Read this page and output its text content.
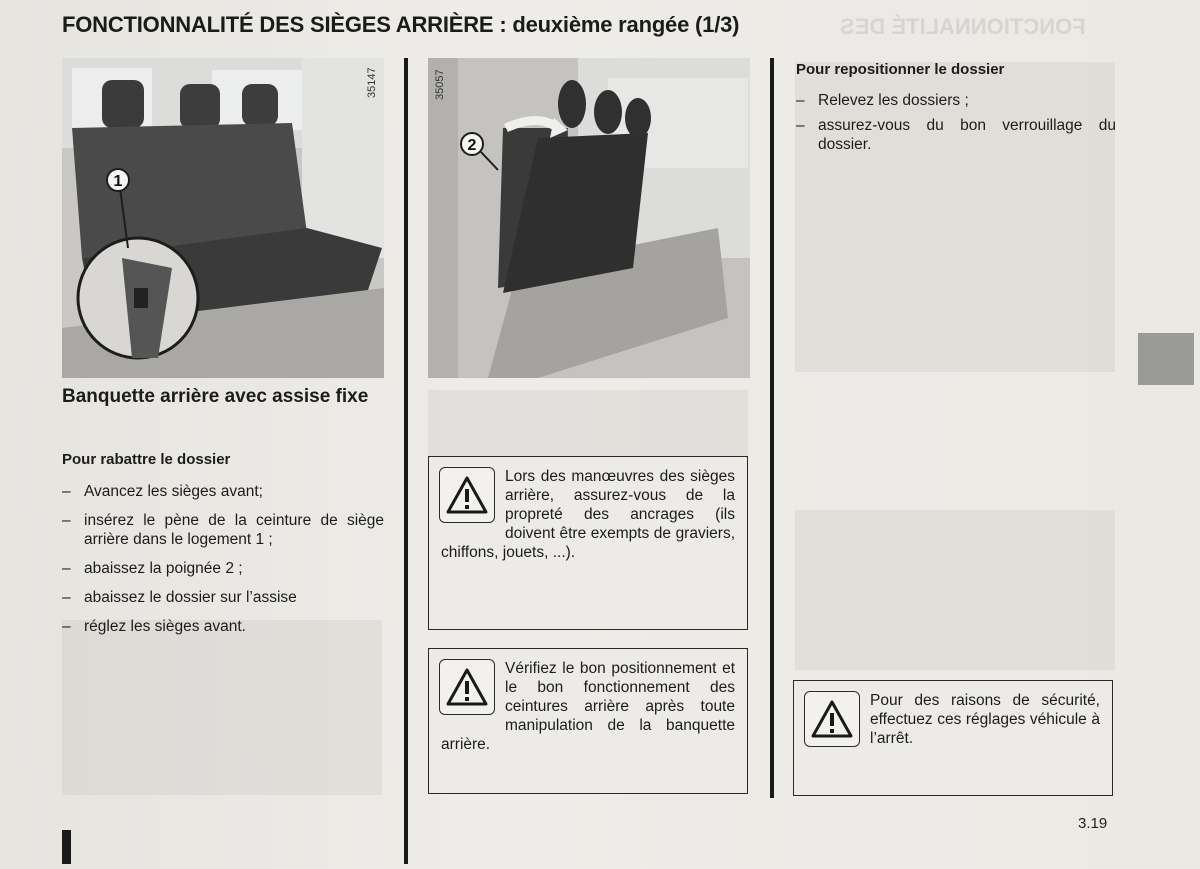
FONCTIONNALITÉ DES
FONCTIONNALITÉ DES SIÈGES ARRIÈRE : deuxième rangée (1/3)
1
35147
2
35057
Banquette arrière avec assise fixe
Pour rabattre le dossier
– Avancez les sièges avant;
– insérez le pène de la ceinture de siège arrière dans le logement 1 ;
– abaissez la poignée 2 ;
– abaissez le dossier sur l’assise
– réglez les sièges avant.
Lors des manœuvres des sièges arrière, assurez-vous de la propreté des ancrages (ils doivent être exempts de graviers, chiffons, jouets, ...).
Vérifiez le bon positionnement et le bon fonctionnement des ceintures arrière après toute manipulation de la banquette arrière.
Pour repositionner le dossier
– Relevez les dossiers ;
– assurez-vous du bon verrouillage du dossier.
Pour des raisons de sécurité, effectuez ces réglages véhicule à l’arrêt.
3.19
